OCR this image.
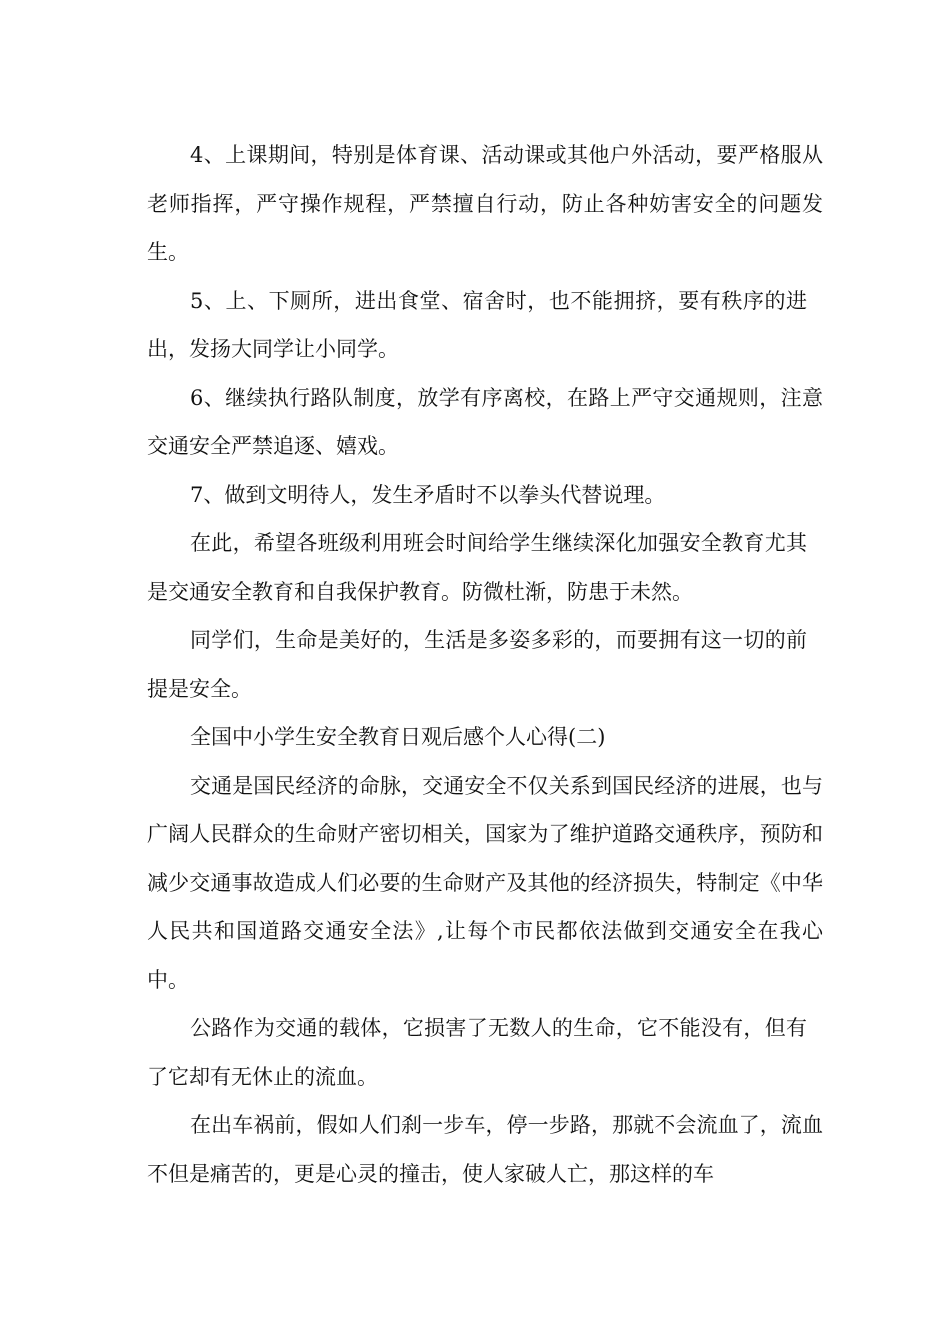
4、上课期间，特别是体育课、活动课或其他户外活动，要严格服从老师指挥，严守操作规程，严禁擅自行动，防止各种妨害安全的问题发生。

5、上、下厕所，进出食堂、宿舍时，也不能拥挤，要有秩序的进出，发扬大同学让小同学。

6、继续执行路队制度，放学有序离校，在路上严守交通规则，注意交通安全严禁追逐、嬉戏。

7、做到文明待人，发生矛盾时不以拳头代替说理。

在此，希望各班级利用班会时间给学生继续深化加强安全教育尤其是交通安全教育和自我保护教育。防微杜渐，防患于未然。

同学们，生命是美好的，生活是多姿多彩的，而要拥有这一切的前提是安全。

全国中小学生安全教育日观后感个人心得(二)

交通是国民经济的命脉，交通安全不仅关系到国民经济的进展，也与广阔人民群众的生命财产密切相关，国家为了维护道路交通秩序，预防和减少交通事故造成人们必要的生命财产及其他的经济损失，特制定《中华人民共和国道路交通安全法》,让每个市民都依法做到交通安全在我心中。

公路作为交通的载体，它损害了无数人的生命，它不能没有，但有了它却有无休止的流血。

在出车祸前，假如人们刹一步车，停一步路，那就不会流血了，流血不但是痛苦的，更是心灵的撞击，使人家破人亡，那这样的车
